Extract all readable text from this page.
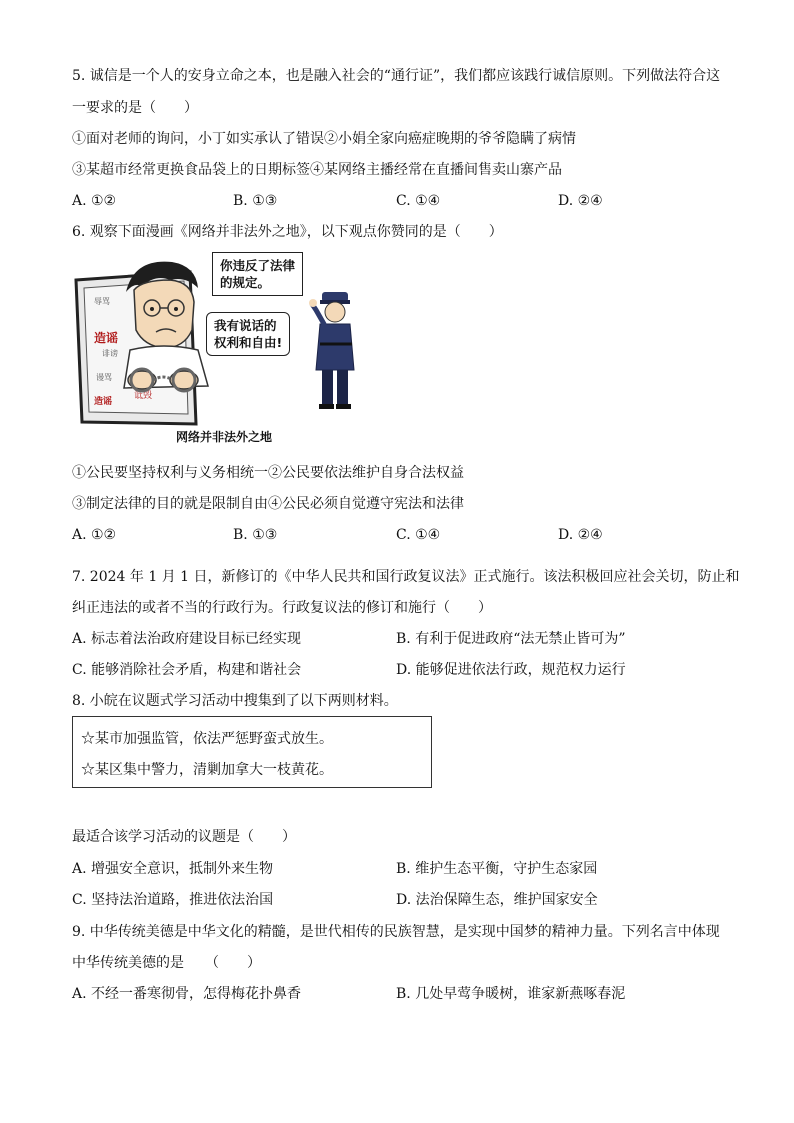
5. 诚信是一个人的安身立命之本，也是融入社会的“通行证”，我们都应该践行诚信原则。下列做法符合这
一要求的是（　　）
①面对老师的询问，小丁如实承认了错误②小娟全家向癌症晚期的爷爷隐瞒了病情
③某超市经常更换食品袋上的日期标签④某网络主播经常在直播间售卖山寨产品
A. ①②	B. ①③	C. ①④	D. ②④
6. 观察下面漫画《网络并非法外之地》，以下观点你赞同的是（　　）
辱骂
造谣
诽谤
谩骂
诋毁
造谣
你违反了法律
的规定。
我有说话的
权利和自由!
网络并非法外之地
①公民要坚持权利与义务相统一②公民要依法维护自身合法权益
③制定法律的目的就是限制自由④公民必须自觉遵守宪法和法律
A. ①②	B. ①③	C. ①④	D. ②④
7. 2024 年 1 月 1 日，新修订的《中华人民共和国行政复议法》正式施行。该法积极回应社会关切，防止和
纠正违法的或者不当的行政行为。行政复议法的修订和施行（　　）
A. 标志着法治政府建设目标已经实现	B. 有利于促进政府“法无禁止皆可为”
C. 能够消除社会矛盾，构建和谐社会	D. 能够促进依法行政，规范权力运行
8. 小皖在议题式学习活动中搜集到了以下两则材料。
☆某市加强监管，依法严惩野蛮式放生。
☆某区集中警力，清剿加拿大一枝黄花。
最适合该学习活动的议题是（　　）
A. 增强安全意识，抵制外来生物	B. 维护生态平衡，守护生态家园
C. 坚持法治道路，推进依法治国	D. 法治保障生态，维护国家安全
9. 中华传统美德是中华文化的精髓，是世代相传的民族智慧，是实现中国梦的精神力量。下列名言中体现
中华传统美德的是　　（　　）
A. 不经一番寒彻骨，怎得梅花扑鼻香	B. 几处早莺争暖树，谁家新燕啄春泥
